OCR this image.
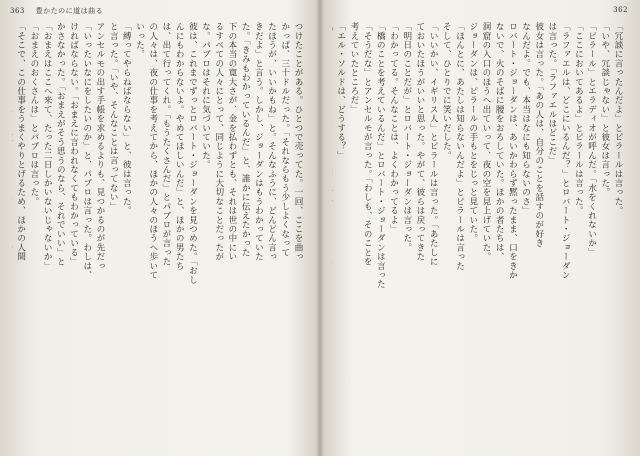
363 豊かたのに道は曲る
つけたことがある。ひとつで売ってた。一回、ここを曲っ
かっぱ、三十ドルだった。「それならもう少しよくなって
たほうが、いいかもね」と。そんなふうに、どんどん言っ
きだよ」と言う。しかし、ジョーダンはもうわかっていた
た。「きみもわかっているんだ」と、誰かに伝えたかった
下の本当の寛大さが、金を払わずとも、それは世の中にい
るすべての人々にとって、同じように大切なことだったが
な。パブロはそれに気づいていた。
彼は、これまでずっとロバート・ジョーダンを見つめた。「おし
んにもわからないよ。やめてほしいんだ」と、ほかの男たち
は、出て行ってくれ。「もうたくさんだ」とパブロが言った
の人々は、夜の仕事を考えてから、ほかの人々のほうへ歩いて
いった。
「縛ってやらねばならない」と、彼は言った。
と言った。「いや、そんなことは言ってない」
アンセルモの出す手帳を求めるよりも、見つかるのが先だっ
「いったいなにをしたいのか」と、パブロは言った。わしは、
ければならない。「おまえに言われなくてもわかっている」
かさなかった。「おまえがそう思うのなら、それでいい」と
「おまえはここへ来て、たった二日しかいないじゃないか」
「おまえのおくさんは」とパブロは言った。
「そこで、この仕事をうまくやりとげるため、ほかの人間
362
「冗談に言ったんだよ」とピラールは言った。
「いや、冗談じゃない」と彼女は言った。
「ピラール」とエラディオが呼んだ。「水をくれないか」
「ここにおいてあるよ」とピラールは言った。
「ラファエルは、どこにいるんだ？」とロバート・ジョーダン
は言った。「ラファエルはどこだ」
彼女は言った。「あの人は、自分のことを話すのが好き
なんだよ。でも、本当はなにも知らないのさ」
ロバート・ジョーダンは、あいかわらず黙ったまま、口をきか
ないで、火のそばに腰をおろしていた。ほかの者たちは、
洞窟の入口のほうへ出ていって、夜の空を見上げていた。
ジョーダンは、ピラールの手もとをじっと見ていた。
「ほんとに、あたしは知らないんだよ」とピラールは言った
そして、ひとりでに笑いだした。
「いいかい、イギリス人」とピラールは言った。「あたしに
ておいたほうがいいと思った。やがて、彼らは戻ってきた
「明日のことだが」とロバート・ジョーダンは言った。
「わかってる。そんなことは、よくわかってるよ」
「橋のことを考えているんだ」とロバート・ジョーダンは言った
「そうだな」とアンセルモが言った。「わしも、そのことを
考えていたところだ」
「エル・ソルドは、どうする？」
